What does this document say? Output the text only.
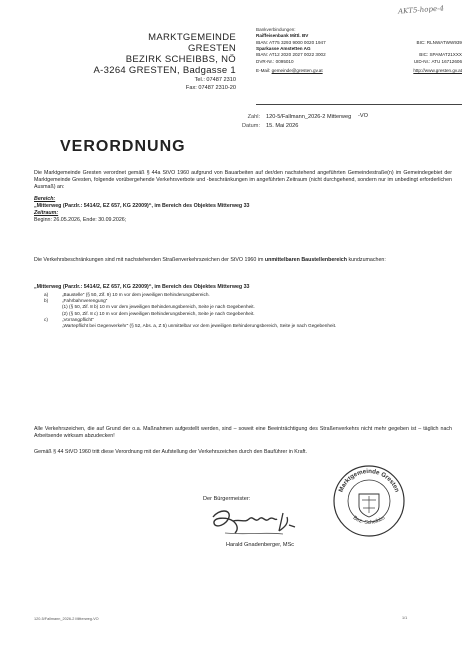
AKT5-hope-4
MARKTGEMEINDE
GRESTEN
BEZIRK SCHEIBBS, NÖ
A-3264 GRESTEN, Badgasse 1
Tel.: 07487 2310
Fax: 07487 2310-20
Bankverbindungen:
Raiffeisenbank Mittl. BV
IBAN: AT75 3293 9000 0020 1947	BIC: RLNWATWW939
Sparkasse Amstetten AG
IBAN: AT12 2020 2027 0022 3002	BIC: SPAMAT21XXX
DVR-Nr.: 0095010	UID-Nr.: ATU 16712606
E-Mail: gemeinde@gresten.gv.at	http://www.gresten.gv.at
Zahl: 120-5/Fallmann_2026-2 Mitterweg
Datum: 15. Mai 2026
-VO
VERORDNUNG
Die Marktgemeinde Gresten verordnet gemäß § 44a StVO 1960 aufgrund von Bauarbeiten auf der/den nachstehend angeführten Gemeindestraße(n) im Gemeindegebiet der Marktgemeinde Gresten, folgende vorübergehende Verkehrsverbote und -beschränkungen im angeführten Zeitraum (nicht durchgehend, sondern nur im unbedingt erforderlichen Ausmaß) an:
Bereich:
„Mitterweg (Parzlr.: 5414/2, EZ 657, KG 22009)“, im Bereich des Objektes Mitterweg 33
Zeitraum:
Beginn: 26.05.2026, Ende: 30.09.2026;
Die Verkehrsbeschränkungen sind mit nachstehenden Straßenverkehrszeichen der StVO 1960 im unmittelbaren Baustellenbereich kundzumachen:
„Mitterweg (Parzlr.: 5414/2, EZ 657, KG 22009)“, im Bereich des Objektes Mitterweg 33
a)	„Baustelle“ (§ 50, Zif. 9) 10 m vor dem jeweiligen Behinderungsbereich.
b)	„Fahrbahnverengung“
(1) (§ 50, Zif. 8 b) 10 m vor dem jeweiligen Behinderungsbereich, Seite je nach Gegebenheit.
(2) (§ 50, Zif. 8 c) 10 m vor dem jeweiligen Behinderungsbereich, Seite je nach Gegebenheit.
c)	„Vorrangpflicht“
„Wartepflicht bei Gegenverkehr“ (§ 52, Abs. a, Z 5) unmittelbar vor dem jeweiligen Behinderungsbereich, Seite je nach Gegebenheit.
Alle Verkehrszeichen, die auf Grund der o.a. Maßnahmen aufgestellt werden, sind – soweit eine Beeinträchtigung des Straßenverkehrs nicht mehr gegeben ist – täglich nach Arbeitsende wirksam abzudecken!
Gemäß § 44 StVO 1960 tritt diese Verordnung mit der Aufstellung der Verkehrszeichen durch den Bauführer in Kraft.
Der Bürgermeister:
Harald Gnadenberger, MSc
Marktgemeinde Gresten
Bez. Scheibbs
120-5/Fallmann_2026-2 Mitterweg-VO	1/1
